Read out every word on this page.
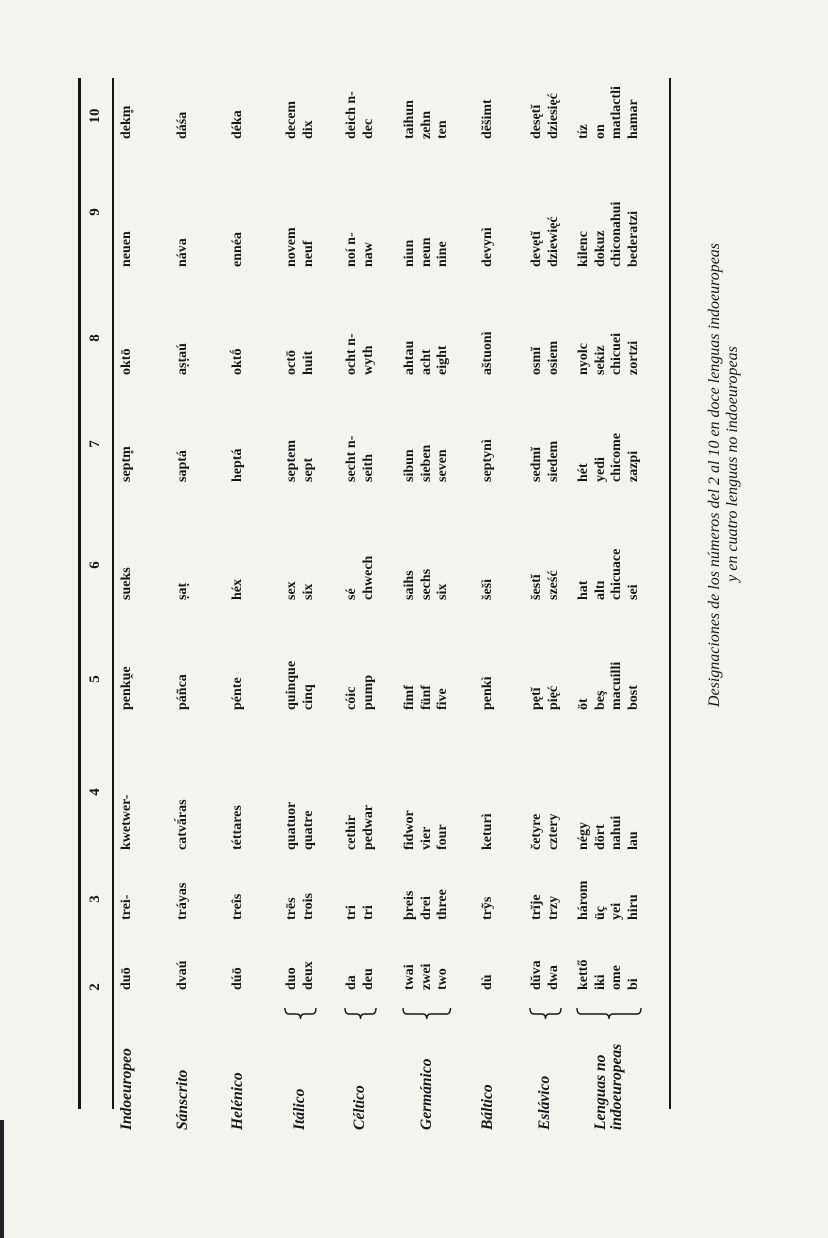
2
3
4
5
6
7
8
9
10
Indoeuropeo
duō
trei-
kwetwer-
penkṷe
sueks
septm̥
oktō
neuen
dekm̥
Sánscrito
dvaú
tráyas
catvā́ras
páñca
ṣaṭ
saptá
aṣṭaú
náva
dáśa
Helénico
dúō
treîs
téttares
pénte
héx
heptá
oktṓ
ennéa
déka
Itálico
duo deux
trēs trois
quatuor quatre
quinque cinq
sex six
septem sept
octō huit
novem neuf
decem dix
Céltico
da deu
tri tri
cethir pedwar
cóic pump
sé chwech
secht n- seith
ocht n- wyth
noí n- naw
deich n- dec
Germánico
twai zwei two
þreis drei three
fidwor vier four
fimf fünf five
saihs sechs six
sibun sieben seven
ahtau acht eight
niun neun nine
taihun zehn ten
Báltico
dù
trỹs
keturì
penkì
šešì
septynì
aštuonì
devynì
dẽšimt
Eslávico
dŭva dwa
trĭje trzy
četyre cztery
pętĭ pięć
šestĭ sześć
sedmĭ siedem
osmĭ osiem
devętĭ dziewięć
desętĭ dziesięć
Lenguas no indoeuropeas
kettő iki ome bi
három üç yei hiru
négy dört nahui lau
öt beş macuilli bost
hat altı chicuace sei
hét yedi chicome zazpi
nyolc sekiz chicuei zortzi
kilenc dokuz chiconahui bederatzi
tíz on matlactli hamar
Designaciones de los números del 2 al 10 en doce lenguas indoeuropeas y en cuatro lenguas no indoeuropeas
